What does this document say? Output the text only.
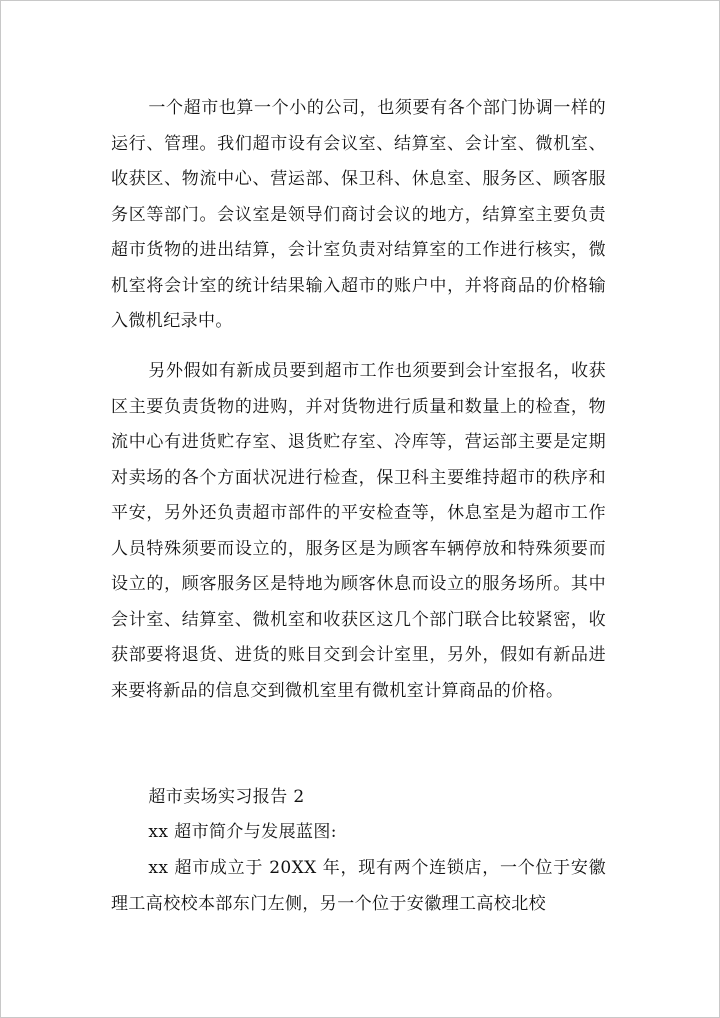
一个超市也算一个小的公司，也须要有各个部门协调一样的运行、管理。我们超市设有会议室、结算室、会计室、微机室、收获区、物流中心、营运部、保卫科、休息室、服务区、顾客服务区等部门。会议室是领导们商讨会议的地方，结算室主要负责超市货物的进出结算，会计室负责对结算室的工作进行核实，微机室将会计室的统计结果输入超市的账户中，并将商品的价格输入微机纪录中。

另外假如有新成员要到超市工作也须要到会计室报名，收获区主要负责货物的进购，并对货物进行质量和数量上的检查，物流中心有进货贮存室、退货贮存室、冷库等，营运部主要是定期对卖场的各个方面状况进行检查，保卫科主要维持超市的秩序和平安，另外还负责超市部件的平安检查等，休息室是为超市工作人员特殊须要而设立的，服务区是为顾客车辆停放和特殊须要而设立的，顾客服务区是特地为顾客休息而设立的服务场所。其中会计室、结算室、微机室和收获区这几个部门联合比较紧密，收获部要将退货、进货的账目交到会计室里，另外，假如有新品进来要将新品的信息交到微机室里有微机室计算商品的价格。

超市卖场实习报告 2

xx 超市简介与发展蓝图:

xx 超市成立于 20XX 年，现有两个连锁店，一个位于安徽理工高校校本部东门左侧，另一个位于安徽理工高校北校
